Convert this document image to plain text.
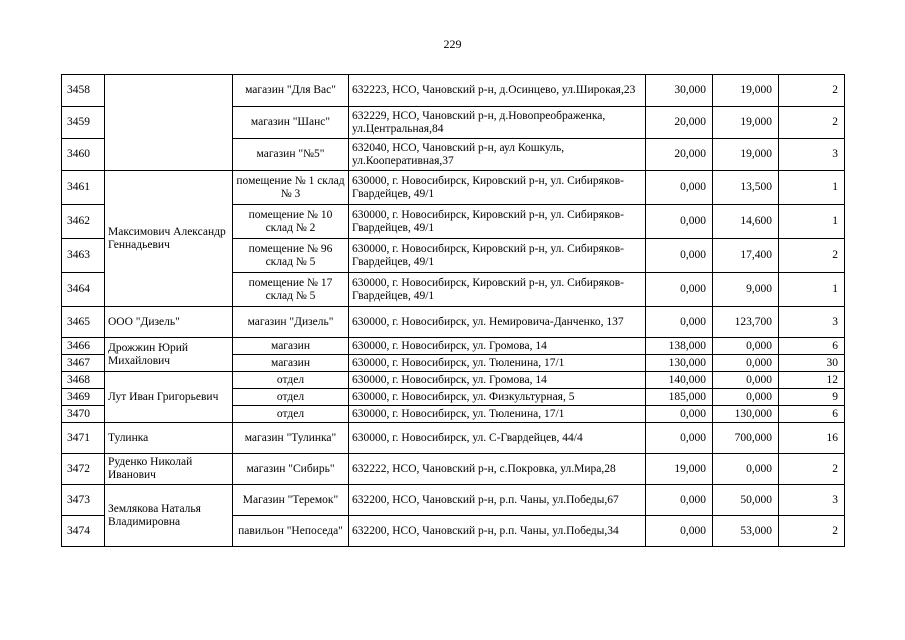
229
3458		магазин "Для Вас"	632223, НСО, Чановский р-н, д.Осинцево, ул.Широкая,23	30,000	19,000	2
3459		магазин "Шанс"	632229, НСО, Чановский р-н, д.Новопреображенка, ул.Центральная,84	20,000	19,000	2
3460		магазин "№5"	632040, НСО, Чановский р-н, аул Кошкуль, ул.Кооперативная,37	20,000	19,000	3
3461	Максимович Александр Геннадьевич	помещение № 1 склад № 3	630000, г. Новосибирск, Кировский р-н, ул. Сибиряков-Гвардейцев, 49/1	0,000	13,500	1
3462		помещение № 10 склад № 2	630000, г. Новосибирск, Кировский р-н, ул. Сибиряков-Гвардейцев, 49/1	0,000	14,600	1
3463		помещение № 96 склад № 5	630000, г. Новосибирск, Кировский р-н, ул. Сибиряков-Гвардейцев, 49/1	0,000	17,400	2
3464		помещение № 17 склад № 5	630000, г. Новосибирск, Кировский р-н, ул. Сибиряков-Гвардейцев, 49/1	0,000	9,000	1
3465	ООО "Дизель"	магазин "Дизель"	630000, г. Новосибирск, ул. Немировича-Данченко, 137	0,000	123,700	3
3466	Дрожжин Юрий Михайлович	магазин	630000, г. Новосибирск, ул. Громова, 14	138,000	0,000	6
3467		магазин	630000, г. Новосибирск, ул. Тюленина, 17/1	130,000	0,000	30
3468	Лут Иван Григорьевич	отдел	630000, г. Новосибирск, ул. Громова, 14	140,000	0,000	12
3469		отдел	630000, г. Новосибирск, ул. Физкультурная, 5	185,000	0,000	9
3470		отдел	630000, г. Новосибирск, ул. Тюленина, 17/1	0,000	130,000	6
3471	Тулинка	магазин "Тулинка"	630000, г. Новосибирск, ул. С-Гвардейцев, 44/4	0,000	700,000	16
3472	Руденко Николай Иванович	магазин "Сибирь"	632222, НСО, Чановский р-н, с.Покровка, ул.Мира,28	19,000	0,000	2
3473	Землякова Наталья Владимировна	Магазин "Теремок"	632200, НСО, Чановский р-н, р.п. Чаны, ул.Победы,67	0,000	50,000	3
3474		павильон "Непоседа"	632200, НСО, Чановский р-н, р.п. Чаны, ул.Победы,34	0,000	53,000	2
